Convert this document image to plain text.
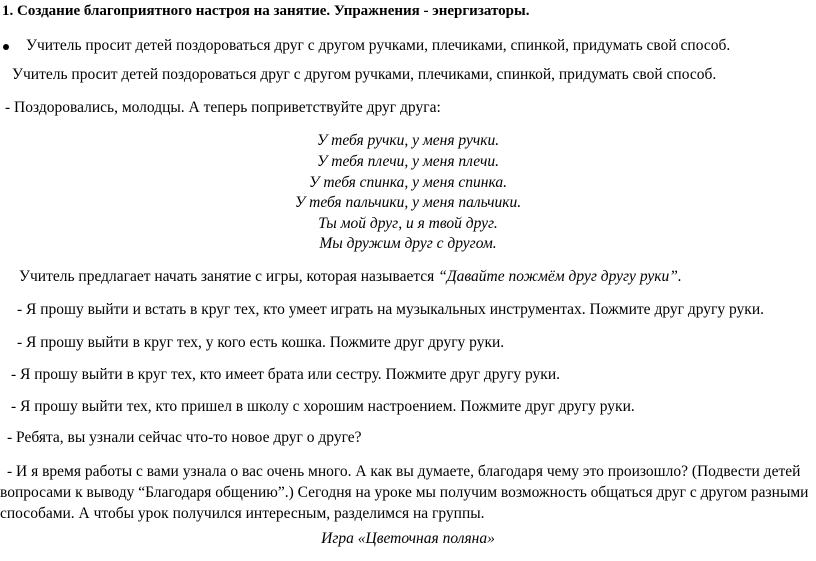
1. Создание благоприятного настроя на занятие. Упражнения - энергизаторы.
Учитель просит детей поздороваться друг с другом ручками, плечиками, спинкой, придумать свой способ.
Учитель просит детей поздороваться друг с другом ручками, плечиками, спинкой, придумать свой способ.
- Поздоровались, молодцы. А теперь поприветствуйте друг друга:
У тебя ручки, у меня ручки.
У тебя плечи, у меня плечи.
У тебя спинка, у меня спинка.
У тебя пальчики, у меня пальчики.
Ты мой друг, и я твой друг.
Мы дружим друг с другом.
Учитель предлагает начать занятие с игры, которая называется “Давайте пожмём друг другу руки”.
- Я прошу выйти и встать в круг тех, кто умеет играть на музыкальных инструментах. Пожмите друг другу руки.
- Я прошу выйти в круг тех, у кого есть кошка. Пожмите друг другу руки.
- Я прошу выйти в круг тех, кто имеет брата или сестру. Пожмите друг другу руки.
- Я прошу выйти тех, кто пришел в школу с хорошим настроением. Пожмите друг другу руки.
- Ребята, вы узнали сейчас что-то новое друг о друге?
- И я время работы с вами узнала о вас очень много. А как вы думаете, благодаря чему это произошло? (Подвести детей
вопросами к выводу “Благодаря общению”.) Сегодня на уроке мы получим возможность общаться друг с другом разными
способами. А чтобы урок получился интересным, разделимся на группы.
Игра «Цветочная поляна»
